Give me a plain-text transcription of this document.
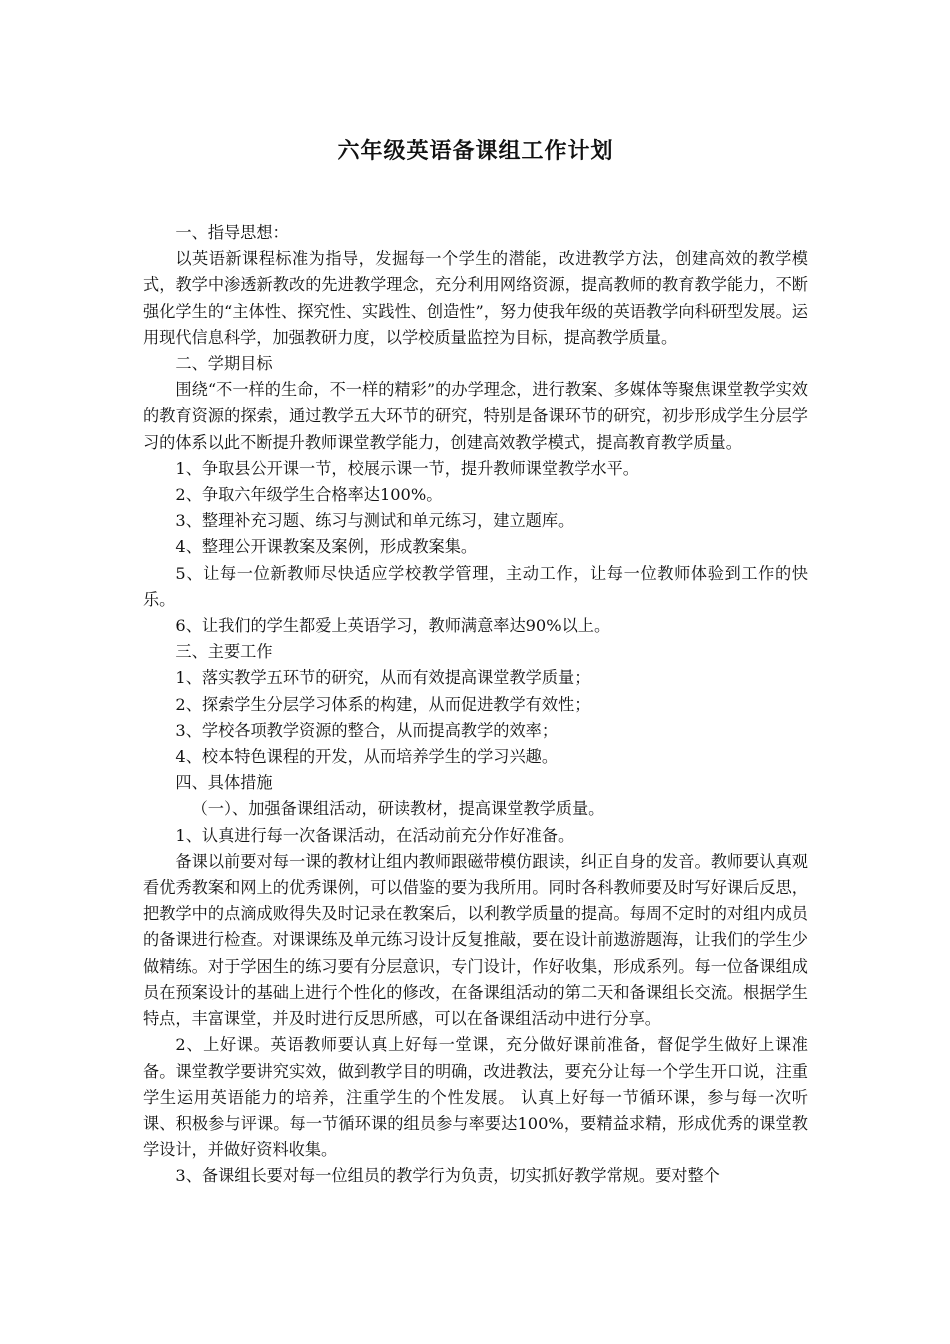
六年级英语备课组工作计划

一、指导思想：

以英语新课程标准为指导，发掘每一个学生的潜能，改进教学方法，创建高效的教学模式，教学中渗透新教改的先进教学理念，充分利用网络资源，提高教师的教育教学能力，不断强化学生的“主体性、探究性、实践性、创造性”，努力使我年级的英语教学向科研型发展。运用现代信息科学，加强教研力度，以学校质量监控为目标，提高教学质量。

二、学期目标

围绕“不一样的生命，不一样的精彩”的办学理念，进行教案、多媒体等聚焦课堂教学实效的教育资源的探索，通过教学五大环节的研究，特别是备课环节的研究，初步形成学生分层学习的体系以此不断提升教师课堂教学能力，创建高效教学模式，提高教育教学质量。

1、争取县公开课一节，校展示课一节，提升教师课堂教学水平。

2、争取六年级学生合格率达100%。

3、整理补充习题、练习与测试和单元练习，建立题库。

4、整理公开课教案及案例，形成教案集。

5、让每一位新教师尽快适应学校教学管理，主动工作，让每一位教师体验到工作的快乐。

6、让我们的学生都爱上英语学习，教师满意率达90%以上。

三、主要工作

1、落实教学五环节的研究，从而有效提高课堂教学质量；

2、探索学生分层学习体系的构建，从而促进教学有效性；

3、学校各项教学资源的整合，从而提高教学的效率；

4、校本特色课程的开发，从而培养学生的学习兴趣。

四、具体措施

（一）、加强备课组活动，研读教材，提高课堂教学质量。

1、认真进行每一次备课活动，在活动前充分作好准备。

备课以前要对每一课的教材让组内教师跟磁带模仿跟读，纠正自身的发音。教师要认真观看优秀教案和网上的优秀课例，可以借鉴的要为我所用。同时各科教师要及时写好课后反思，把教学中的点滴成败得失及时记录在教案后，以利教学质量的提高。每周不定时的对组内成员的备课进行检查。对课课练及单元练习设计反复推敲，要在设计前遨游题海，让我们的学生少做精练。对于学困生的练习要有分层意识，专门设计，作好收集，形成系列。每一位备课组成员在预案设计的基础上进行个性化的修改，在备课组活动的第二天和备课组长交流。根据学生特点，丰富课堂，并及时进行反思所感，可以在备课组活动中进行分享。

2、上好课。英语教师要认真上好每一堂课，充分做好课前准备，督促学生做好上课准备。课堂教学要讲究实效，做到教学目的明确，改进教法，要充分让每一个学生开口说，注重学生运用英语能力的培养，注重学生的个性发展。 认真上好每一节循环课，参与每一次听课、积极参与评课。每一节循环课的组员参与率要达100%，要精益求精，形成优秀的课堂教学设计，并做好资料收集。

3、备课组长要对每一位组员的教学行为负责，切实抓好教学常规。要对整个
